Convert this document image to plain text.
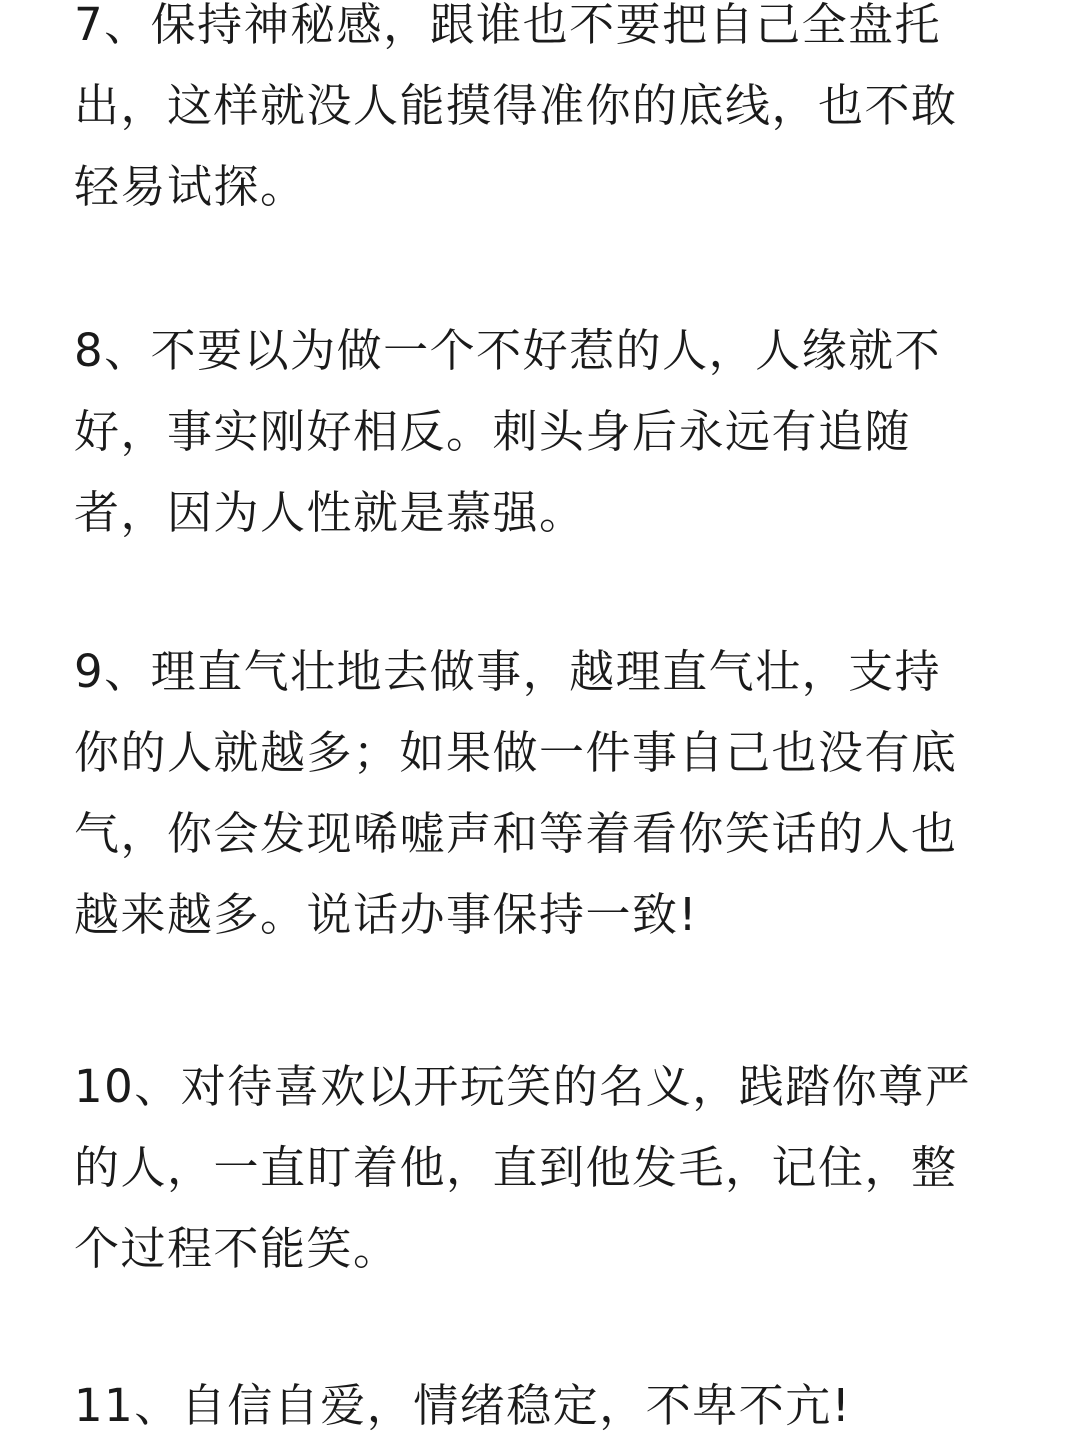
7、保持神秘感，跟谁也不要把自己全盘托
出，这样就没人能摸得准你的底线，也不敢
轻易试探。
8、不要以为做一个不好惹的人，人缘就不
好，事实刚好相反。刺头身后永远有追随
者，因为人性就是慕强。
9、理直气壮地去做事，越理直气壮，支持
你的人就越多；如果做一件事自己也没有底
气，你会发现唏嘘声和等着看你笑话的人也
越来越多。说话办事保持一致!
10、对待喜欢以开玩笑的名义，践踏你尊严
的人，一直盯着他，直到他发毛，记住，整
个过程不能笑。
11、自信自爱，情绪稳定，不卑不亢!
